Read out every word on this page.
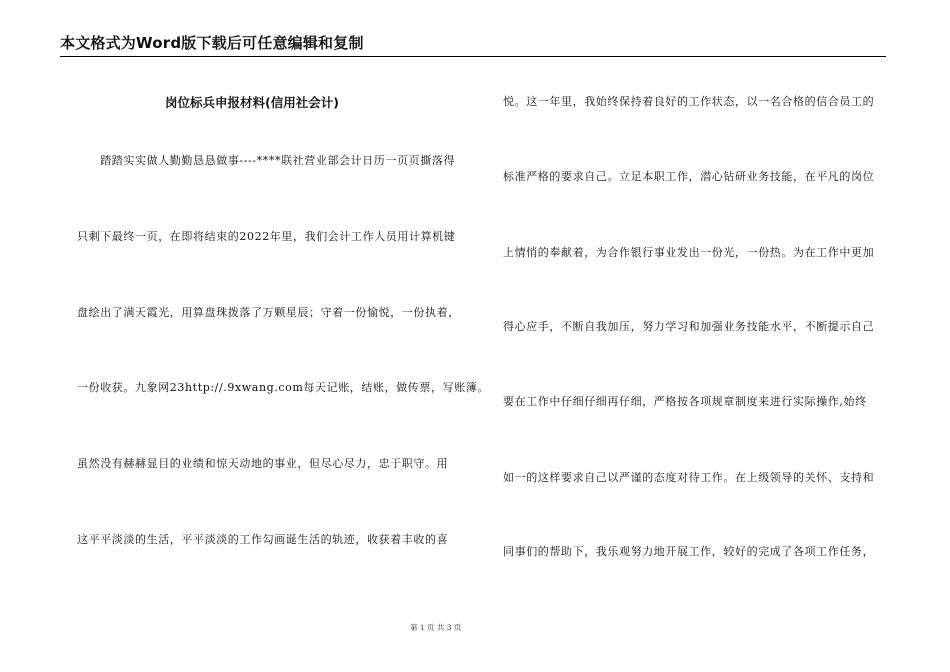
本文格式为Word版下载后可任意编辑和复制
岗位标兵申报材料(信用社会计)
　　踏踏实实做人勤勤恳恳做事----****联社营业部会计日历一页页撕落得
只剩下最终一页，在即将结束的2022年里，我们会计工作人员用计算机键
盘绘出了满天霞光，用算盘珠拨落了万颗星辰；守着一份愉悦，一份执着，
一份收获。九象网23http://.9xwang.com每天记账，结账，做传票，写账簿。
虽然没有赫赫显目的业绩和惊天动地的事业，但尽心尽力，忠于职守。用
这平平淡淡的生活，平平淡淡的工作勾画诞生活的轨迹，收获着丰收的喜
悦。这一年里，我始终保持着良好的工作状态，以一名合格的信合员工的
标准严格的要求自己。立足本职工作，潜心钻研业务技能，在平凡的岗位
上情悄的奉献着，为合作银行事业发出一份光，一份热。为在工作中更加
得心应手，不断自我加压，努力学习和加强业务技能水平，不断提示自己
要在工作中仔细仔细再仔细，严格按各项规章制度来进行实际操作,始终
如一的这样要求自己以严谨的态度对待工作。在上级领导的关怀、支持和
同事们的帮助下，我乐观努力地开展工作，较好的完成了各项工作任务，
第 1 页 共 3 页
